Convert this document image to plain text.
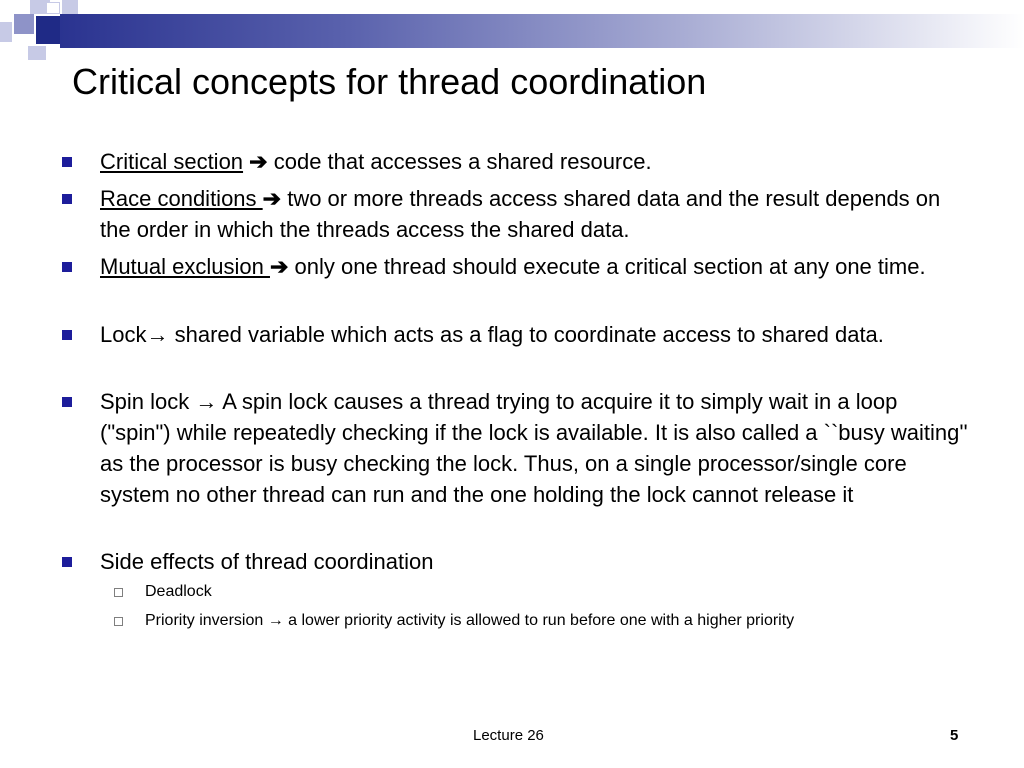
Critical concepts for thread coordination
Critical section ➔ code that accesses a shared resource.
Race conditions ➔ two or more threads access shared data and the result depends on the order in which the threads access the shared data.
Mutual exclusion ➔ only one thread should execute a critical section at any one time.
Lock→ shared variable which acts as a flag to coordinate access to shared data.
Spin lock → A spin lock causes a thread trying to acquire it to simply wait in a loop ("spin") while repeatedly checking if the lock is available. It is also called a ``busy waiting'' as the processor is busy checking the lock. Thus, on a single processor/single core system no other thread can run and the one holding the lock cannot release it
Side effects of thread coordination
Deadlock
Priority inversion → a lower priority activity is allowed to run before one with a higher priority
Lecture 26	5
